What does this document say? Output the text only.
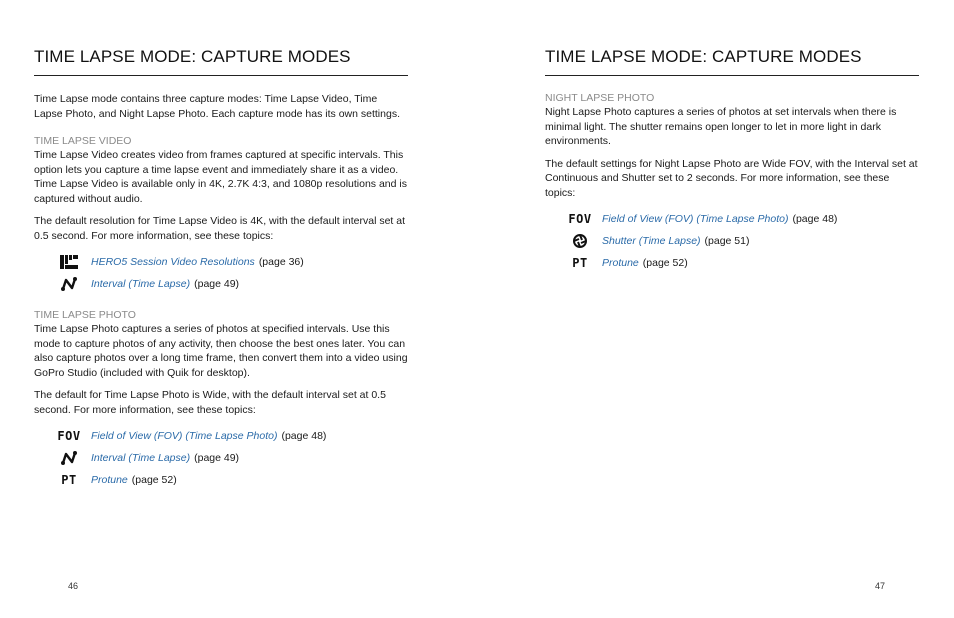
TIME LAPSE MODE: CAPTURE MODES

Time Lapse mode contains three capture modes: Time Lapse Video, Time Lapse Photo, and Night Lapse Photo. Each capture mode has its own settings.

TIME LAPSE VIDEO

Time Lapse Video creates video from frames captured at specific intervals. This option lets you capture a time lapse event and immediately share it as a video. Time Lapse Video is available only in 4K, 2.7K 4:3, and 1080p resolutions and is captured without audio.

The default resolution for Time Lapse Video is 4K, with the default interval set at 0.5 second. For more information, see these topics:

HERO5 Session Video Resolutions (page 36)
Interval (Time Lapse) (page 49)
TIME LAPSE PHOTO

Time Lapse Photo captures a series of photos at specified intervals. Use this mode to capture photos of any activity, then choose the best ones later. You can also capture photos over a long time frame, then convert them into a video using GoPro Studio (included with Quik for desktop).

The default for Time Lapse Photo is Wide, with the default interval set at 0.5 second. For more information, see these topics:

FOV Field of View (FOV) (Time Lapse Photo) (page 48)
Interval (Time Lapse) (page 49)
PT	Protune (page 52)
46
TIME LAPSE MODE: CAPTURE MODES
NIGHT LAPSE PHOTO

Night Lapse Photo captures a series of photos at set intervals when there is minimal light. The shutter remains open longer to let in more light in dark environments.

The default settings for Night Lapse Photo are Wide FOV, with the Interval set at Continuous and Shutter set to 2 seconds. For more information, see these topics:

FOV Field of View (FOV) (Time Lapse Photo) (page 48)
Shutter (Time Lapse) (page 51)
PT	Protune (page 52)
47
